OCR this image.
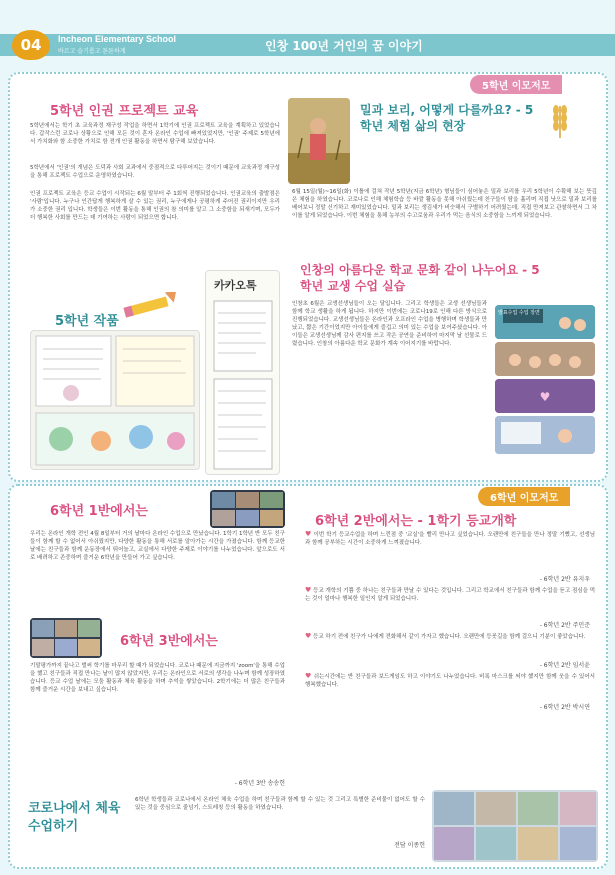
04	Incheon Elementary School
바르고 슬기롭고 튼튼하게	인창 100년 거인의 꿈 이야기
5학년 이모저모
5학년 인권 프로젝트 교육
5학년에서는 학기 초 교육과정 재구성 작업을 하면서 1학기에 인권 프로젝트 교육을 계획하고 있었습니다. 갑작스런 코로나 상황으로 인해 모든 것이 혼자 온라인 수업에 빠져있었지만, '인권' 주제로 5학년에서 가치화와 함 소중한 가치로 함 전개 인권 활동을 하면서 탐구해 보았습니다.
5학년에서 '인권'의 개념은 도덕과 사회 교과에서 중점적으로 다루어지는 것이기 때문에 교육과정 재구성을 통해 프로젝트 수업으로 운영하였습니다.
인권 프로젝트 교육은 등교 수업이 시작되는 6월 말부터 주 1회씩 진행되었습니다. 인권교육의 출발점은 '사람'입니다. 누구나 인간답게 행복하게 살 수 있는 권리, 누구에게나 공평하게 주어진 권리이지만 우리가 소중한 권리 입니다. 학생들은 이번 활동을 통해 인권의 참 의미를 알고 그 소중함을 되새기며, 모두가 더 행복한 사회를 만드는 데 기여하는 사람이 되었으면 합니다.
5학년 작품
카카오톡
밀과 보리, 어떻게 다를까요? - 5학년 체험 삶의 현장
6월 15일(월)~16일(화) 이틀에 걸쳐 작년 5학년(지금 6학년) 형님들이 심어놓은 밀과 보리를 우리 5학년이 수확해 보는 뜻깊은 체험을 하였습니다. 코로나로 인해 체험학습 등 바깥 활동을 못해 아쉬웠는데 친구들이 땀을 흘리며 직접 낫으로 밀과 보리를 베어보니 정말 신기하고 재미있었습니다. 밀과 보리는 생김새가 비슷해서 구별하기 어려웠는데, 직접 만져보고 관찰하면서 그 차이를 알게 되었습니다. 이번 체험을 통해 농부의 수고로움과 우리가 먹는 음식의 소중함을 느끼게 되었습니다.
인창의 아름다운 학교 문화 같이 나누어요 - 5학년 교생 수업 실습
인창초 6월은 교생선생님들이 오는 달입니다. 그리고 학생들은 교생 선생님들과 함께 학교 생활을 하게 됩니다. 하지만 이번에는 코로나19로 인해 다른 방식으로 진행되었습니다. 교생선생님들은 온라인과 오프라인 수업을 병행하며 학생들과 만났고, 짧은 기간이었지만 아이들에게 즐겁고 의미 있는 수업을 보여주셨습니다. 아이들은 교생선생님께 감사 편지를 쓰고 작은 공연을 준비하여 마지막 날 선물로 드렸습니다. 인창의 아름다운 학교 문화가 계속 이어지기를 바랍니다.
♥
발표수업 수업 장면
6학년 이모저모
6학년 1반에서는
우리는 온라인 개학 전인 4월 8일부터 거의 날마다 온라인 수업으로 만났습니다. 1학기 1학년 반 모두 친구들이 함께 할 수 없어서 아쉬웠지만, 다양한 활동을 통해 서로를 알아가는 시간을 가졌습니다. 함께 등교한 날에는 친구들과 함께 운동장에서 뛰어놀고, 교실에서 다양한 주제로 이야기를 나누었습니다. 앞으로도 서로 배려하고 존중하며 즐거운 6학년을 만들어 가고 싶습니다.
6학년 3반에서는
기말평가까지 끝나고 벌써 학기를 마무리 할 때가 되었습니다. 코로나 때문에 지금까지 'zoom'을 통해 수업을 했고 친구들과 직접 만나는 날이 많지 않았지만, 우리는 온라인으로 서로의 생각을 나누며 함께 성장하였습니다. 등교 수업 날에는 모둠 활동과 체육 활동을 하며 추억을 쌓았습니다. 2학기에는 더 많은 친구들과 함께 즐거운 시간을 보내고 싶습니다.
- 6학년 3반 송송헌
6학년 2반에서는 - 1학기 등교개학
♥ 이번 학기 등교수업을 하며 느낀점 중 '교실'을 빨리 만나고 싶었습니다. 오랜만에 친구들을 만나 정말 기뻤고, 선생님과 함께 공부하는 시간이 소중하게 느껴졌습니다.
- 6학년 2반 유지우
♥ 등교 개학의 기쁨 중 하나는 친구들과 만날 수 있다는 것입니다. 그리고 학교에서 친구들과 함께 수업을 듣고 점심을 먹는 것이 얼마나 행복한 일인지 알게 되었습니다.
- 6학년 2반 주민준
♥ 등교 하기 전에 친구가 나에게 전화해서 같이 가자고 했습니다. 오랜만에 등굣길을 함께 걸으니 기분이 좋았습니다.
- 6학년 2반 임서윤
♥ 쉬는시간에는 반 친구들과 보드게임도 하고 이야기도 나누었습니다. 비록 마스크를 써야 했지만 함께 웃을 수 있어서 행복했습니다.
- 6학년 2반 박시연
코로나에서 체육 수업하기
6학년 학생들과 코로나에서 온라인 체육 수업을 하며 친구들과 함께 할 수 있는 것 그리고 특별한 준비물이 없어도 할 수 있는 것을 중심으로 줄넘기, 스트레칭 등의 활동을 하였습니다.
전담 이종헌
